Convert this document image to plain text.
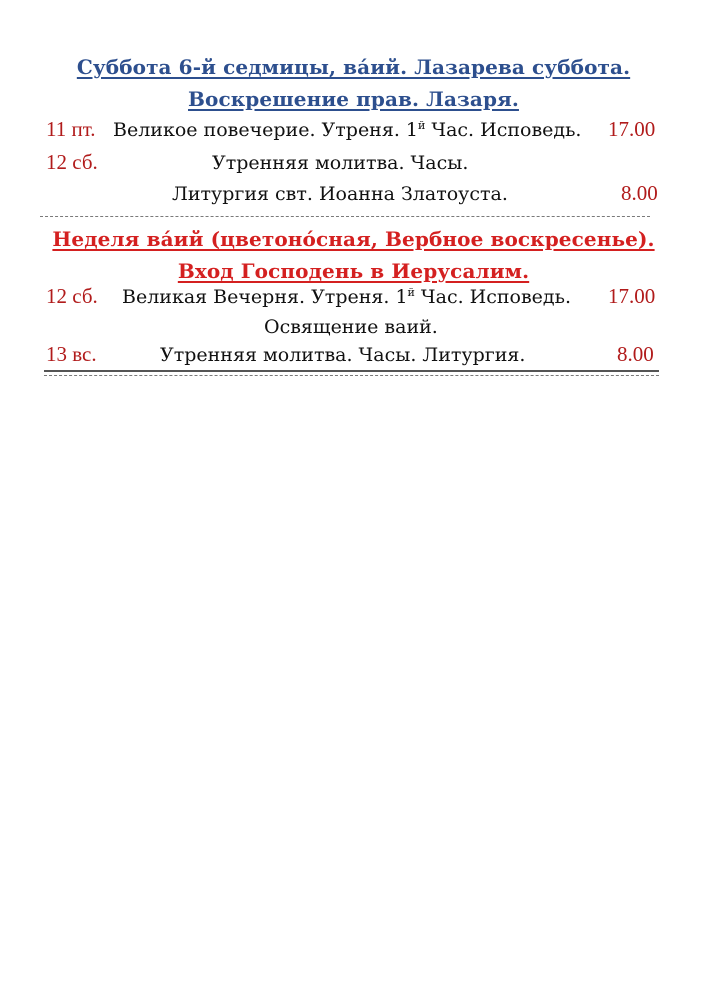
Суббота 6-й седмицы, ва́ий. Лазарева суббота.
Воскрешение прав. Лазаря.
11 пт. Великое повечерие. Утреня. $1^й$ Час. Исповедь. 17.00
12 сб.	Утренняя молитва. Часы.
Литургия свт. Иоанна Златоуста.	8.00
Неделя ва́ий (цветоно́сная, Вербное воскресенье).
Вход Господень в Иерусалим.
12 сб. Великая Вечерня. Утреня. $1^й$ Час. Исповедь. 17.00
Освящение ваий.
13 вс.	Утренняя молитва. Часы. Литургия.	8.00
